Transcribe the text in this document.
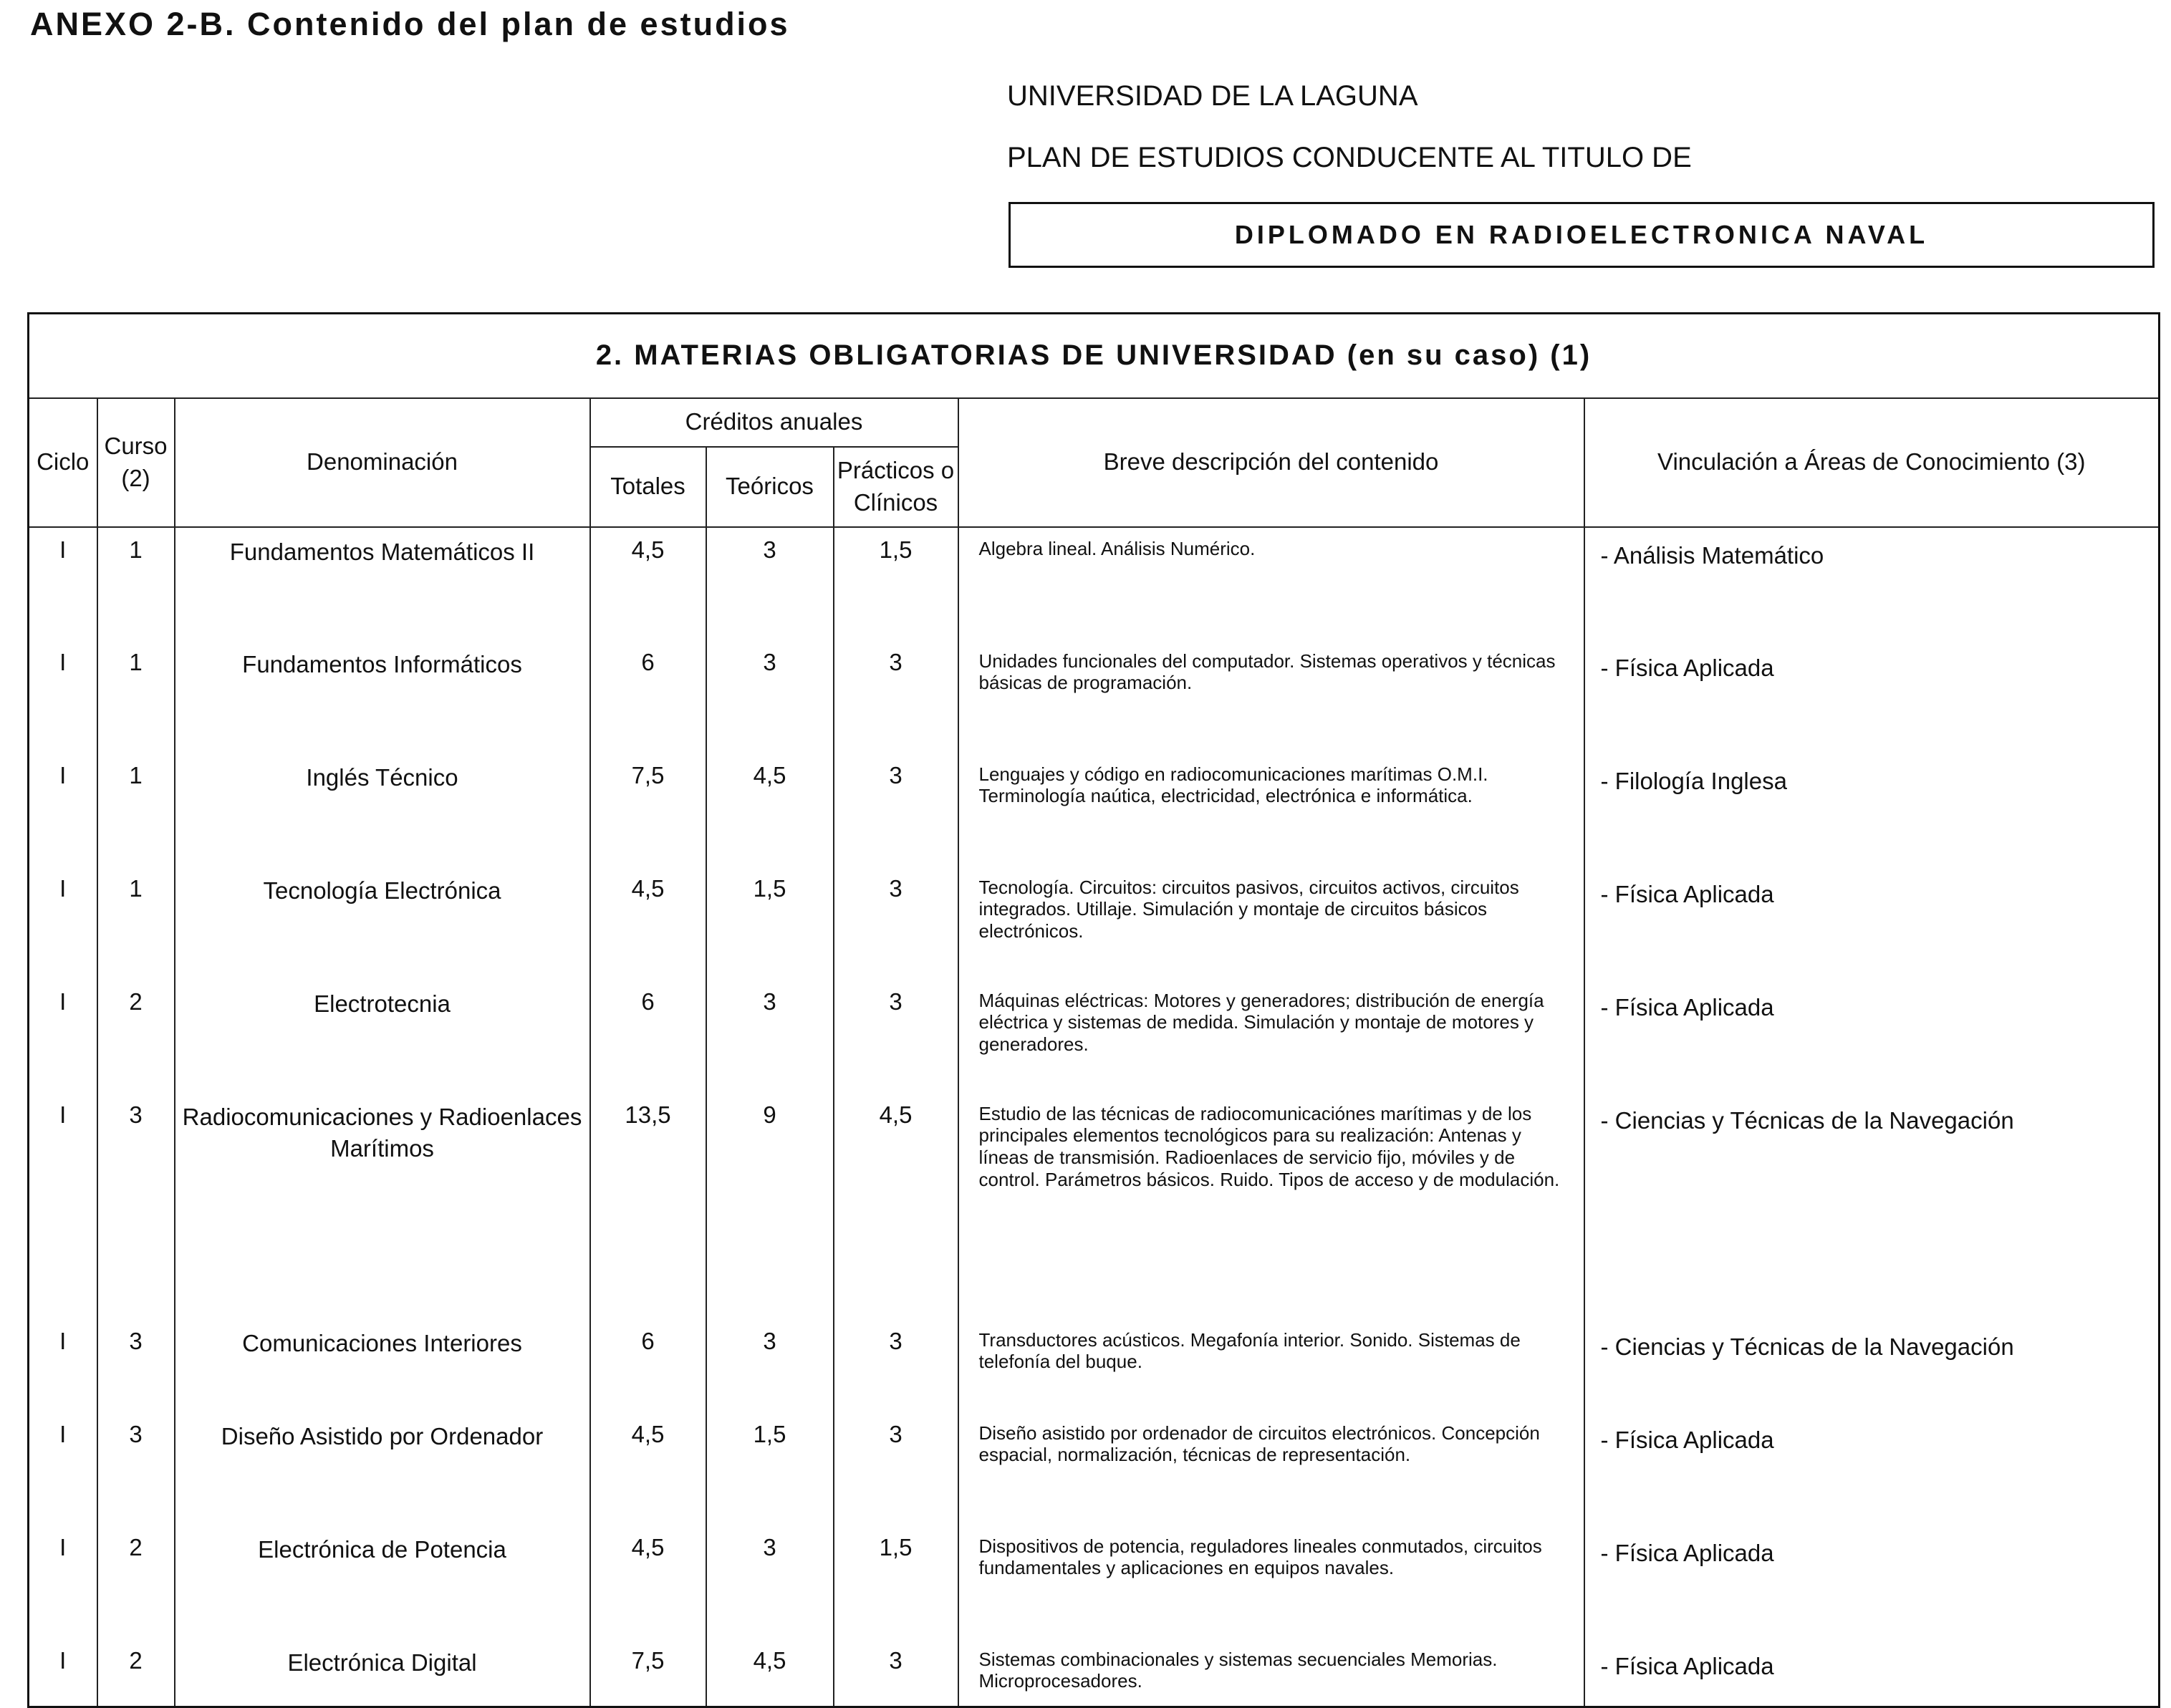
ANEXO 2-B. Contenido del plan de estudios
UNIVERSIDAD DE LA LAGUNA
PLAN DE ESTUDIOS CONDUCENTE AL TITULO DE
DIPLOMADO EN RADIOELECTRONICA NAVAL
2. MATERIAS OBLIGATORIAS DE UNIVERSIDAD (en su caso) (1)							
Ciclo	Curso (2)	Denominación	Créditos anuales			Breve descripción del contenido	Vinculación a Áreas de Conocimiento (3)
			Totales	Teóricos	Prácticos o Clínicos		
I	1	Fundamentos Matemáticos II	4,5	3	1,5	Algebra lineal. Análisis Numérico.	- Análisis Matemático
I	1	Fundamentos Informáticos	6	3	3	Unidades funcionales del computador. Sistemas operativos y técnicas básicas de programación.	- Física Aplicada
I	1	Inglés Técnico	7,5	4,5	3	Lenguajes y código en radiocomunicaciones marítimas O.M.I. Terminología naútica, electricidad, electrónica e informática.	- Filología Inglesa
I	1	Tecnología Electrónica	4,5	1,5	3	Tecnología. Circuitos: circuitos pasivos, circuitos activos, circuitos integrados. Utillaje. Simulación y montaje de circuitos básicos electrónicos.	- Física Aplicada
I	2	Electrotecnia	6	3	3	Máquinas eléctricas: Motores y generadores; distribución de energía eléctrica y sistemas de medida. Simulación y montaje de motores y generadores.	- Física Aplicada
I	3	Radiocomunicaciones y Radioenlaces Marítimos	13,5	9	4,5	Estudio de las técnicas de radiocomunicaciónes marítimas y de los principales elementos tecnológicos para su realización: Antenas y líneas de transmisión. Radioenlaces de servicio fijo, móviles y de control. Parámetros básicos. Ruido. Tipos de acceso y de modulación.	- Ciencias y Técnicas de la Navegación
I	3	Comunicaciones Interiores	6	3	3	Transductores acústicos. Megafonía interior. Sonido. Sistemas de telefonía del buque.	- Ciencias y Técnicas de la Navegación
I	3	Diseño Asistido por Ordenador	4,5	1,5	3	Diseño asistido por ordenador de circuitos electrónicos. Concepción espacial, normalización, técnicas de representación.	- Física Aplicada
I	2	Electrónica de Potencia	4,5	3	1,5	Dispositivos de potencia, reguladores lineales conmutados, circuitos fundamentales y aplicaciones en equipos navales.	- Física Aplicada
I	2	Electrónica Digital	7,5	4,5	3	Sistemas combinacionales y sistemas secuenciales Memorias. Microprocesadores.	- Física Aplicada
